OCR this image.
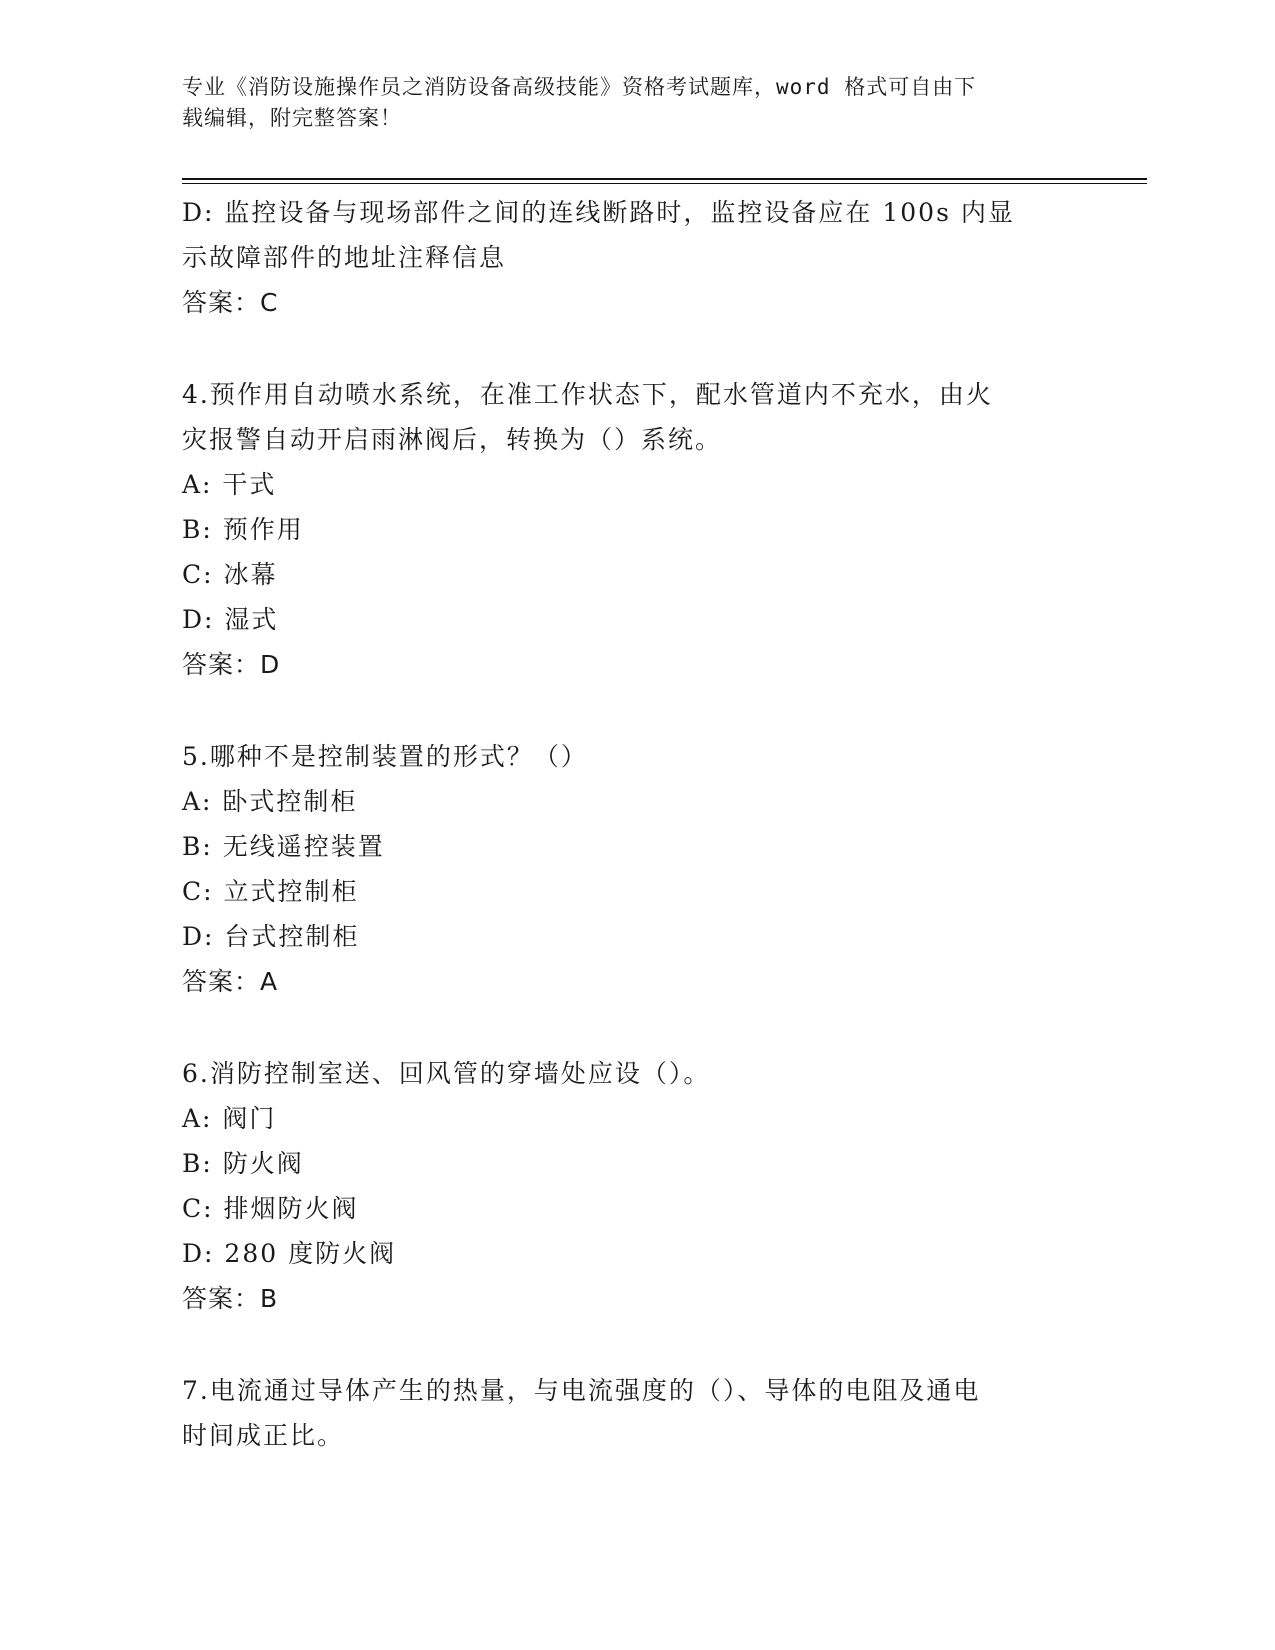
专业《消防设施操作员之消防设备高级技能》资格考试题库，word 格式可自由下
载编辑，附完整答案！
D: 监控设备与现场部件之间的连线断路时，监控设备应在 100s 内显
示故障部件的地址注释信息
答案：C
4.预作用自动喷水系统，在准工作状态下，配水管道内不充水，由火
灾报警自动开启雨淋阀后，转换为（）系统。
A: 干式
B: 预作用
C: 冰幕
D: 湿式
答案：D
5.哪种不是控制装置的形式？（）
A: 卧式控制柜
B: 无线遥控装置
C: 立式控制柜
D: 台式控制柜
答案：A
6.消防控制室送、回风管的穿墙处应设（）。
A: 阀门
B: 防火阀
C: 排烟防火阀
D: 280 度防火阀
答案：B
7.电流通过导体产生的热量，与电流强度的（）、导体的电阻及通电
时间成正比。
